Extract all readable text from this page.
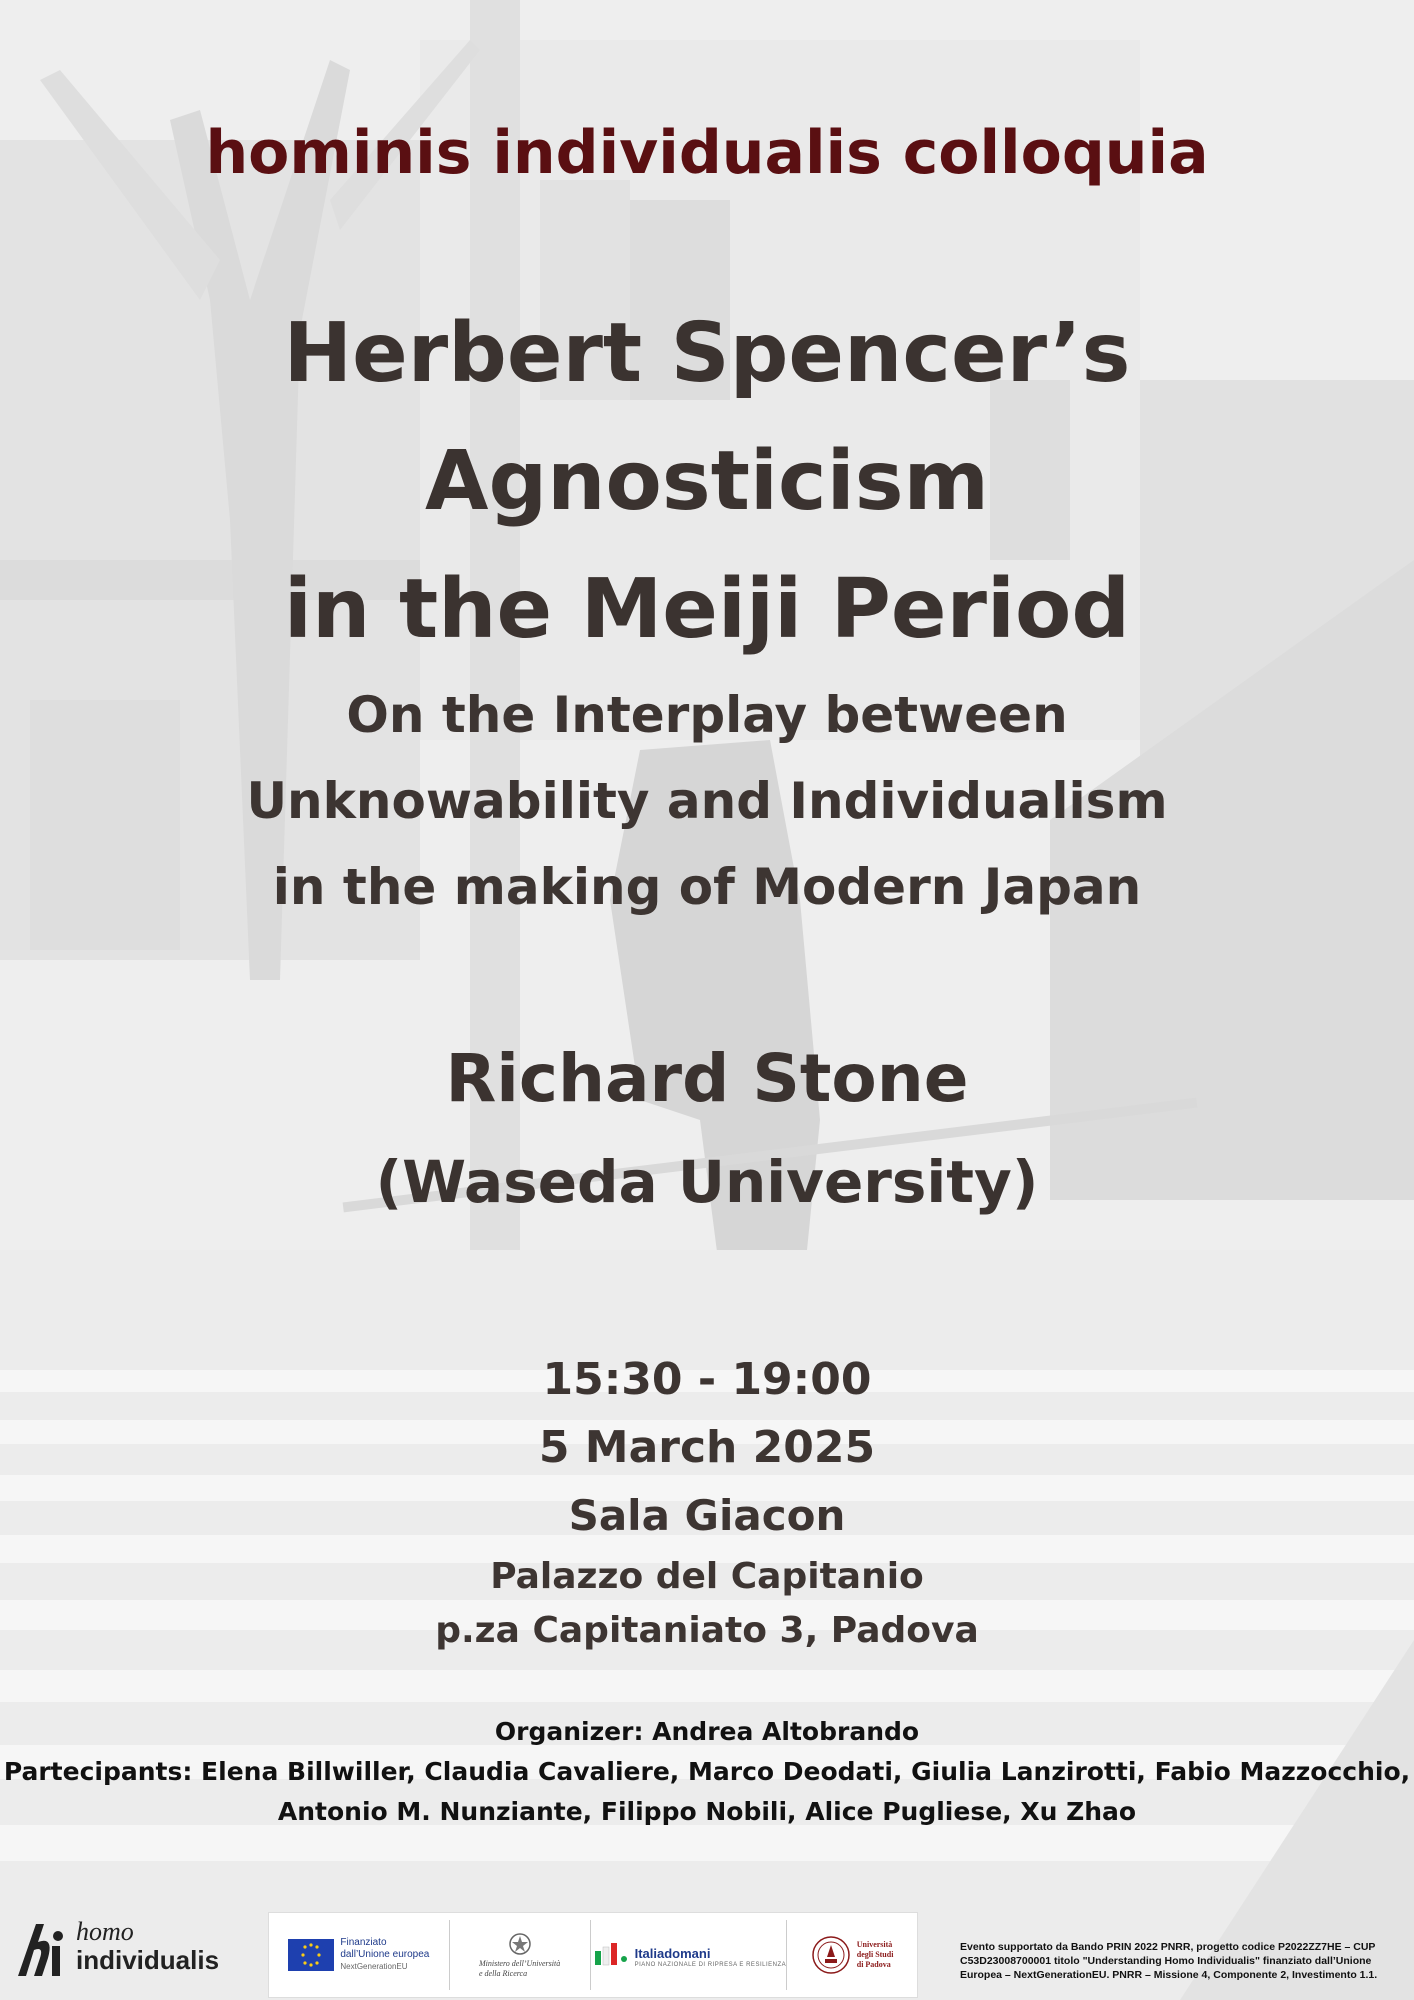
hominis individualis colloquia
Herbert Spencer’s
Agnosticism
in the Meiji Period
On the Interplay between
Unknowability and Individualism
in the making of Modern Japan
Richard Stone
(Waseda University)
15:30 - 19:00
5 March 2025
Sala Giacon
Palazzo del Capitanio
p.za Capitaniato 3, Padova
Organizer: Andrea Altobrando
Partecipants: Elena Billwiller, Claudia Cavaliere, Marco Deodati, Giulia Lanzirotti, Fabio Mazzocchio,
Antonio M. Nunziante, Filippo Nobili, Alice Pugliese, Xu Zhao
homo
individualis
Finanziato
dall’Unione europea
NextGenerationEU	Ministero dell’Università
e della Ricerca
Italiadomani
PIANO NAZIONALE DI RIPRESA E RESILIENZA
Università
degli Studi
di Padova
Evento supportato da Bando PRIN 2022 PNRR, progetto codice P2022ZZ7HE – CUP C53D23008700001 titolo "Understanding Homo Individualis" finanziato dall’Unione Europea – NextGenerationEU. PNRR – Missione 4, Componente 2, Investimento 1.1.
